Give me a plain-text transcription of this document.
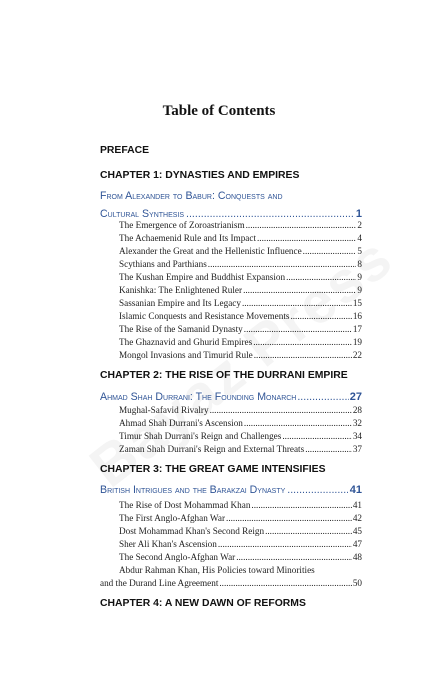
Table of Contents
PREFACE
CHAPTER 1: DYNASTIES AND EMPIRES
From Alexander to Babur: Conquests and
Cultural Synthesis .....	1
The Emergence of Zoroastrianism .....	2
The Achaemenid Rule and Its Impact .....	4
Alexander the Great and the Hellenistic Influence .....	5
Scythians and Parthians .....	8
The Kushan Empire and Buddhist Expansion .....	9
Kanishka: The Enlightened Ruler .....	9
Sassanian Empire and Its Legacy .....	15
Islamic Conquests and Resistance Movements .....	16
The Rise of the Samanid Dynasty .....	17
The Ghaznavid and Ghurid Empires .....	19
Mongol Invasions and Timurid Rule .....	22
CHAPTER 2: THE RISE OF THE DURRANI EMPIRE
Ahmad Shah Durrani: The Founding Monarch .....	27
Mughal-Safavid Rivalry .....	28
Ahmad Shah Durrani's Ascension .....	32
Timur Shah Durrani's Reign and Challenges .....	34
Zaman Shah Durrani's Reign and External Threats .....	37
CHAPTER 3: THE GREAT GAME INTENSIFIES
British Intrigues and the Barakzai Dynasty .....	41
The Rise of Dost Mohammad Khan .....	41
The First Anglo-Afghan War .....	42
Dost Mohammad Khan's Second Reign .....	45
Sher Ali Khan's Ascension .....	47
The Second Anglo-Afghan War .....	48
Abdur Rahman Khan, His Policies toward Minorities
and the Durand Line Agreement .....	50
CHAPTER 4: A NEW DAWN OF REFORMS
